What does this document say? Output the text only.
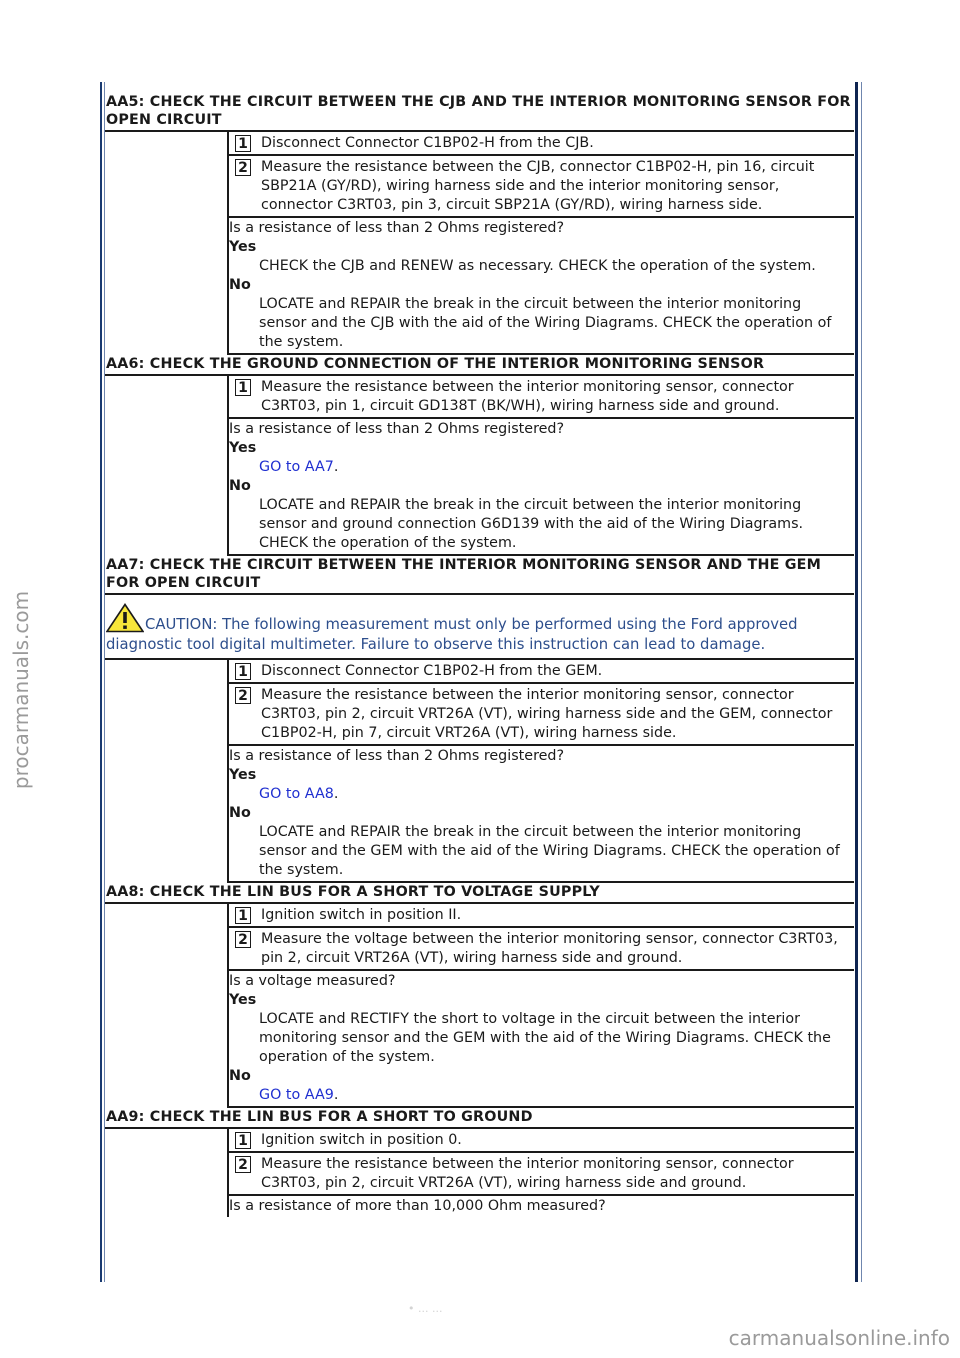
procarmanuals.com
carmanualsonline.info
• ... ...
AA5: CHECK THE CIRCUIT BETWEEN THE CJB AND THE INTERIOR MONITORING SENSOR FOR OPEN CIRCUIT
1 Disconnect Connector C1BP02-H from the CJB.
2 Measure the resistance between the CJB, connector C1BP02-H, pin 16, circuit SBP21A (GY/RD), wiring harness side and the interior monitoring sensor, connector C3RT03, pin 3, circuit SBP21A (GY/RD), wiring harness side.
Is a resistance of less than 2 Ohms registered?
Yes
CHECK the CJB and RENEW as necessary. CHECK the operation of the system.
No
LOCATE and REPAIR the break in the circuit between the interior monitoring sensor and the CJB with the aid of the Wiring Diagrams. CHECK the operation of the system.
AA6: CHECK THE GROUND CONNECTION OF THE INTERIOR MONITORING SENSOR
1 Measure the resistance between the interior monitoring sensor, connector C3RT03, pin 1, circuit GD138T (BK/WH), wiring harness side and ground.
Is a resistance of less than 2 Ohms registered?
Yes
GO to AA7.
No
LOCATE and REPAIR the break in the circuit between the interior monitoring sensor and ground connection G6D139 with the aid of the Wiring Diagrams. CHECK the operation of the system.
AA7: CHECK THE CIRCUIT BETWEEN THE INTERIOR MONITORING SENSOR AND THE GEM FOR OPEN CIRCUIT
CAUTION: The following measurement must only be performed using the Ford approved diagnostic tool digital multimeter. Failure to observe this instruction can lead to damage.
1 Disconnect Connector C1BP02-H from the GEM.
2 Measure the resistance between the interior monitoring sensor, connector C3RT03, pin 2, circuit VRT26A (VT), wiring harness side and the GEM, connector C1BP02-H, pin 7, circuit VRT26A (VT), wiring harness side.
Is a resistance of less than 2 Ohms registered?
Yes
GO to AA8.
No
LOCATE and REPAIR the break in the circuit between the interior monitoring sensor and the GEM with the aid of the Wiring Diagrams. CHECK the operation of the system.
AA8: CHECK THE LIN BUS FOR A SHORT TO VOLTAGE SUPPLY
1 Ignition switch in position II.
2 Measure the voltage between the interior monitoring sensor, connector C3RT03, pin 2, circuit VRT26A (VT), wiring harness side and ground.
Is a voltage measured?
Yes
LOCATE and RECTIFY the short to voltage in the circuit between the interior monitoring sensor and the GEM with the aid of the Wiring Diagrams. CHECK the operation of the system.
No
GO to AA9.
AA9: CHECK THE LIN BUS FOR A SHORT TO GROUND
1 Ignition switch in position 0.
2 Measure the resistance between the interior monitoring sensor, connector C3RT03, pin 2, circuit VRT26A (VT), wiring harness side and ground.
Is a resistance of more than 10,000 Ohm measured?
